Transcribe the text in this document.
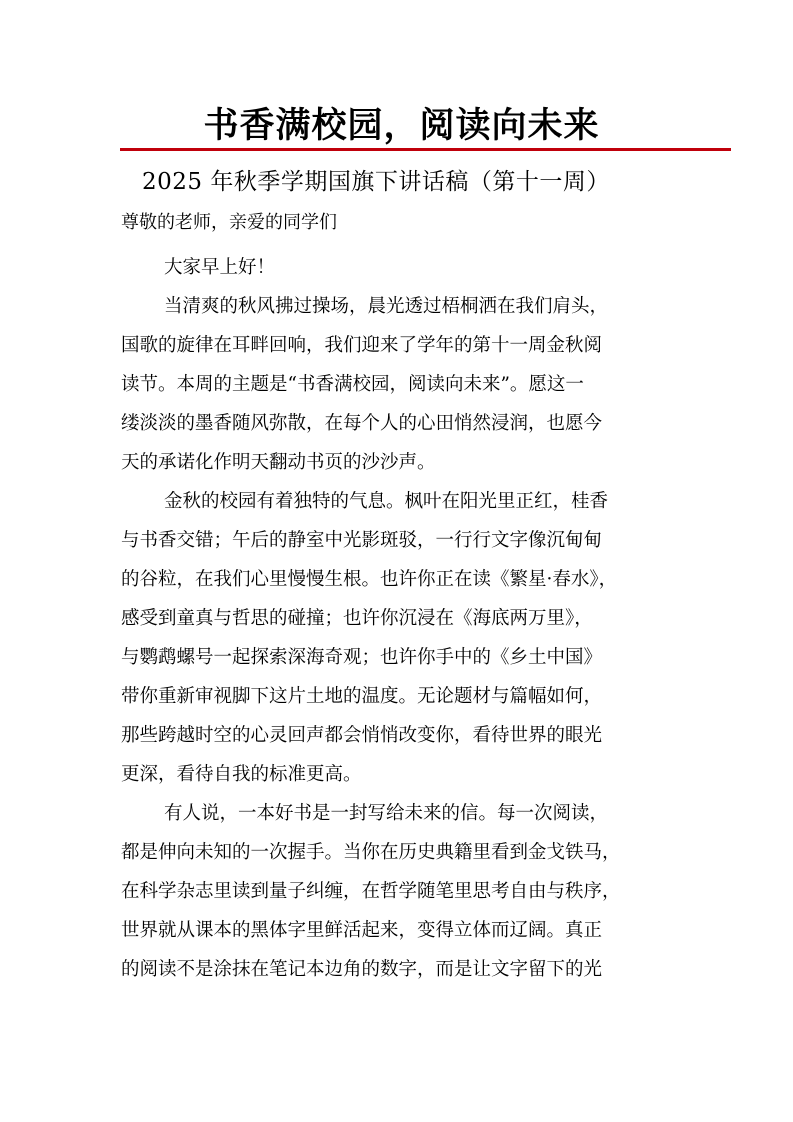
书香满校园，阅读向未来
2025 年秋季学期国旗下讲话稿（第十一周）
尊敬的老师，亲爱的同学们
大家早上好！
当清爽的秋风拂过操场，晨光透过梧桐洒在我们肩头，
国歌的旋律在耳畔回响，我们迎来了学年的第十一周金秋阅
读节。本周的主题是“书香满校园，阅读向未来”。愿这一
缕淡淡的墨香随风弥散，在每个人的心田悄然浸润，也愿今
天的承诺化作明天翻动书页的沙沙声。
金秋的校园有着独特的气息。枫叶在阳光里正红，桂香
与书香交错；午后的静室中光影斑驳，一行行文字像沉甸甸
的谷粒，在我们心里慢慢生根。也许你正在读《繁星·春水》，
感受到童真与哲思的碰撞；也许你沉浸在《海底两万里》，
与鹦鹉螺号一起探索深海奇观；也许你手中的《乡土中国》
带你重新审视脚下这片土地的温度。无论题材与篇幅如何，
那些跨越时空的心灵回声都会悄悄改变你，看待世界的眼光
更深，看待自我的标准更高。
有人说，一本好书是一封写给未来的信。每一次阅读，
都是伸向未知的一次握手。当你在历史典籍里看到金戈铁马，
在科学杂志里读到量子纠缠，在哲学随笔里思考自由与秩序，
世界就从课本的黑体字里鲜活起来，变得立体而辽阔。真正
的阅读不是涂抹在笔记本边角的数字，而是让文字留下的光
